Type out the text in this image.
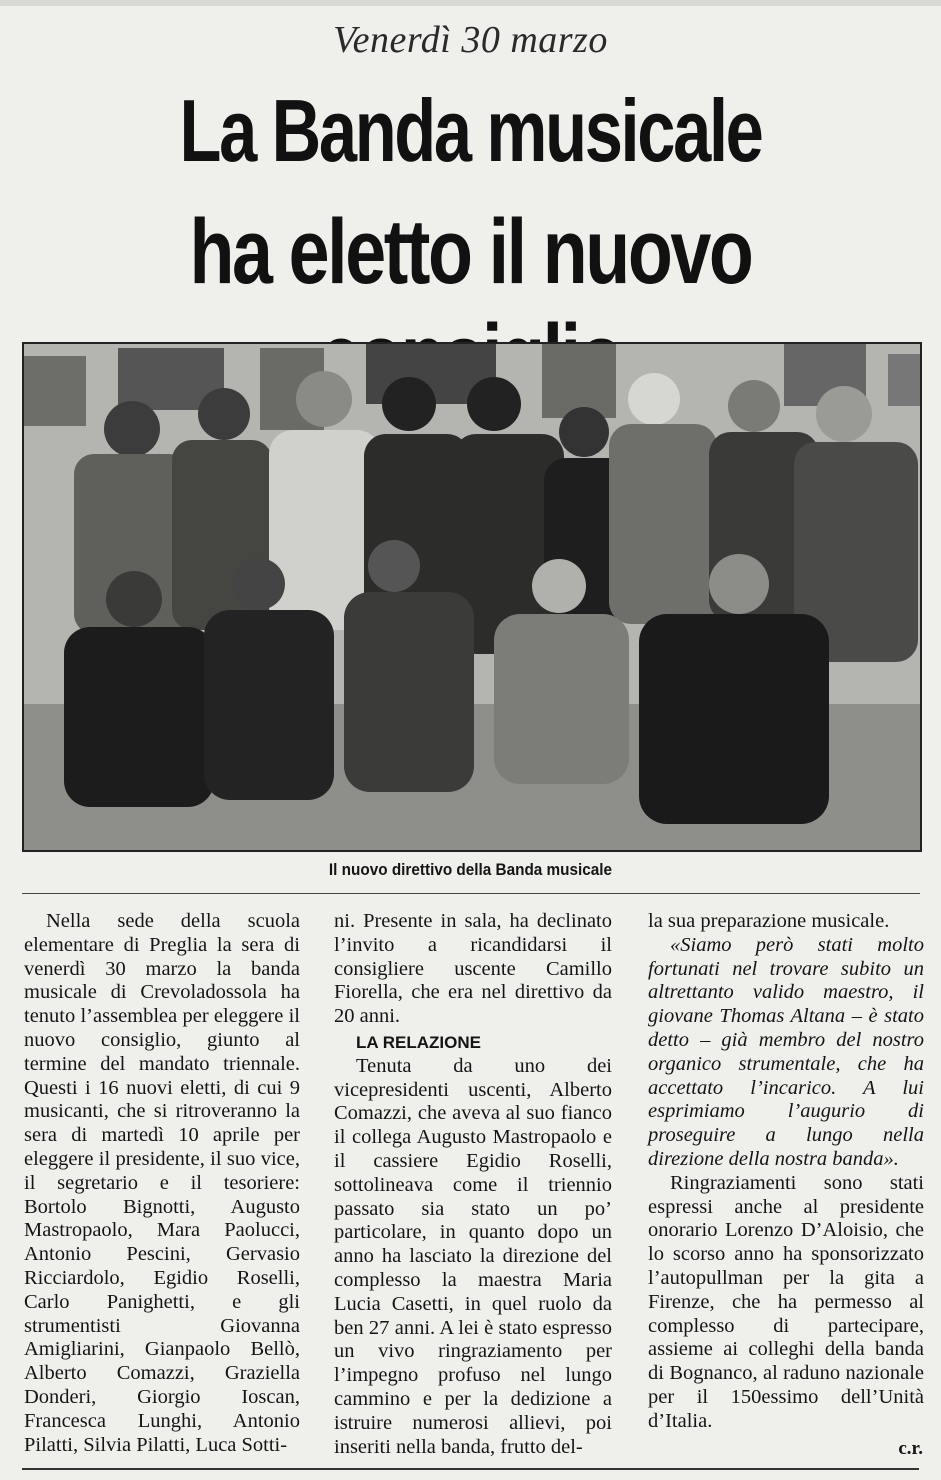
Venerdì 30 marzo
La Banda musicale
ha eletto il nuovo
Il nuovo direttivo della Banda musicale

Nella sede della scuola elementare di Preglia la sera di venerdì 30 marzo la banda musicale di Crevoladossola ha tenuto l’assemblea per eleggere il nuovo consiglio, giunto al termine del mandato triennale. Questi i 16 nuovi eletti, di cui 9 musicanti, che si ritroveranno la sera di martedì 10 aprile per eleggere il presidente, il suo vice, il segretario e il tesoriere: Bortolo Bignotti, Augusto Mastropaolo, Mara Paolucci, Antonio Pescini, Gervasio Ricciardolo, Egidio Roselli, Carlo Panighetti, e gli strumentisti Giovanna Amigliarini, Gianpaolo Bellò, Alberto Comazzi, Graziella Donderi, Giorgio Ioscan, Francesca Lunghi, Antonio Pilatti, Silvia Pilatti, Luca Sotti-

ni. Presente in sala, ha declinato l’invito a ricandidarsi il consigliere uscente Camillo Fiorella, che era nel direttivo da 20 anni.

LA RELAZIONE

Tenuta da uno dei vicepresidenti uscenti, Alberto Comazzi, che aveva al suo fianco il collega Augusto Mastropaolo e il cassiere Egidio Roselli, sottolineava come il triennio passato sia stato un po’ particolare, in quanto dopo un anno ha lasciato la direzione del complesso la maestra Maria Lucia Casetti, in quel ruolo da ben 27 anni. A lei è stato espresso un vivo ringraziamento per l’impegno profuso nel lungo cammino e per la dedizione a istruire numerosi allievi, poi inseriti nella banda, frutto del-

la sua preparazione musicale.

«Siamo però stati molto fortunati nel trovare subito un altrettanto valido maestro, il giovane Thomas Altana – è stato detto – già membro del nostro organico strumentale, che ha accettato l’incarico. A lui esprimiamo l’augurio di proseguire a lungo nella direzione della nostra banda».

Ringraziamenti sono stati espressi anche al presidente onorario Lorenzo D’Aloisio, che lo scorso anno ha sponsorizzato l’autopullman per la gita a Firenze, che ha permesso al complesso di partecipare, assieme ai colleghi della banda di Bognanco, al raduno nazionale per il 150essimo dell’Unità d’Italia.

c.r.
